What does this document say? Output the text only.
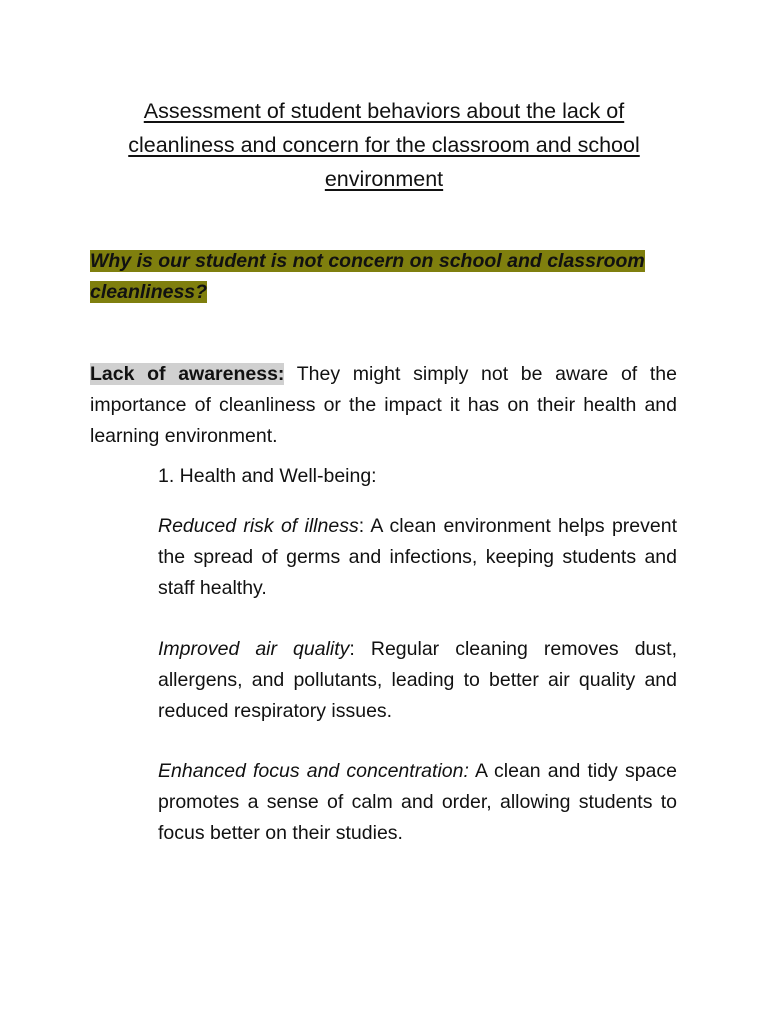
Assessment of student behaviors about the lack of cleanliness and concern for the classroom and school environment
Why is our student is not concern on school and classroom cleanliness?
Lack of awareness: They might simply not be aware of the importance of cleanliness or the impact it has on their health and learning environment.
1. Health and Well-being:
Reduced risk of illness: A clean environment helps prevent the spread of germs and infections, keeping students and staff healthy.
Improved air quality: Regular cleaning removes dust, allergens, and pollutants, leading to better air quality and reduced respiratory issues.
Enhanced focus and concentration: A clean and tidy space promotes a sense of calm and order, allowing students to focus better on their studies.
